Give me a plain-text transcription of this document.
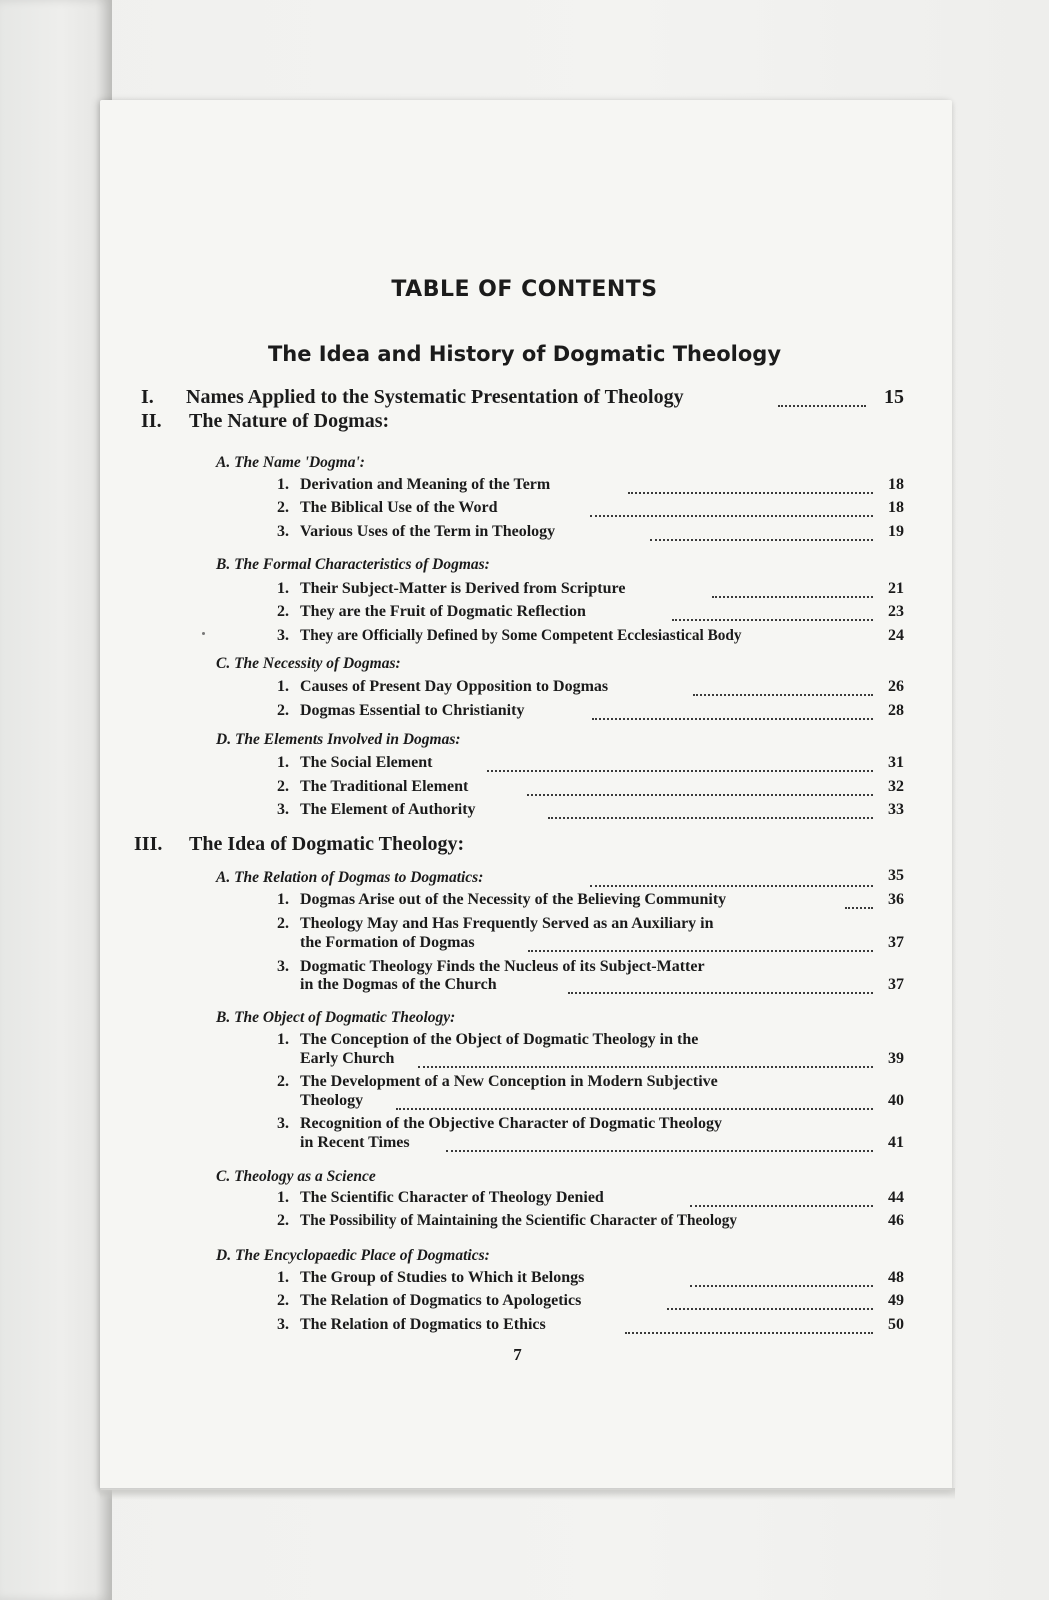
TABLE OF CONTENTS
The Idea and History of Dogmatic Theology
I. Names Applied to the Systematic Presentation of Theology	15
II. The Nature of Dogmas:
A. The Name 'Dogma':
1. Derivation and Meaning of the Term	18
2. The Biblical Use of the Word	18
3. Various Uses of the Term in Theology	19
B. The Formal Characteristics of Dogmas:
1. Their Subject-Matter is Derived from Scripture	21
2. They are the Fruit of Dogmatic Reflection	23
3. They are Officially Defined by Some Competent Ecclesiastical Body	24
C. The Necessity of Dogmas:
1. Causes of Present Day Opposition to Dogmas	26
2. Dogmas Essential to Christianity	28
D. The Elements Involved in Dogmas:
1. The Social Element	31
2. The Traditional Element	32
3. The Element of Authority	33
III. The Idea of Dogmatic Theology:
A. The Relation of Dogmas to Dogmatics:	35
1. Dogmas Arise out of the Necessity of the Believing Community	36
2. Theology May and Has Frequently Served as an Auxiliary in
the Formation of Dogmas	37
3. Dogmatic Theology Finds the Nucleus of its Subject-Matter
in the Dogmas of the Church	37
B. The Object of Dogmatic Theology:
1. The Conception of the Object of Dogmatic Theology in the
Early Church	39
2. The Development of a New Conception in Modern Subjective
Theology	40
3. Recognition of the Objective Character of Dogmatic Theology
in Recent Times	41
C. Theology as a Science
1. The Scientific Character of Theology Denied	44
2. The Possibility of Maintaining the Scientific Character of Theology	46
D. The Encyclopaedic Place of Dogmatics:
1. The Group of Studies to Which it Belongs	48
2. The Relation of Dogmatics to Apologetics	49
3. The Relation of Dogmatics to Ethics	50
7
